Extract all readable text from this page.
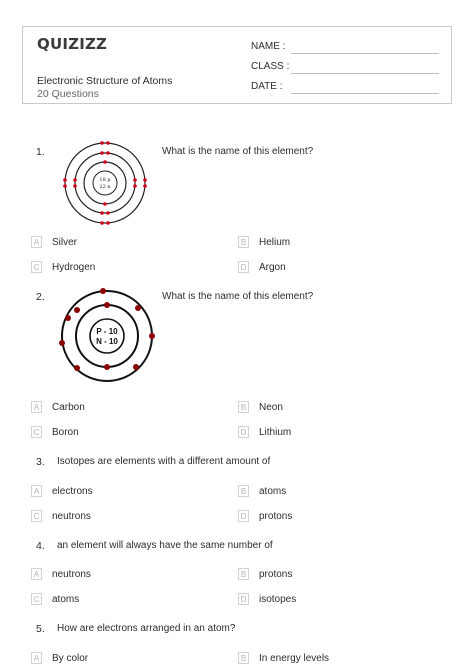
QUIZIZZ
Electronic Structure of Atoms
20 Questions
NAME :
CLASS :
DATE :
1.	What is the name of this element?
18 p
22 n
A Silver	B Helium
C Hydrogen	D Argon
2.	What is the name of this element?
P - 10
N - 10
A Carbon	B Neon
C Boron	D Lithium
3. Isotopes are elements with a different amount of
A electrons	B atoms
C neutrons	D protons
4. an element will always have the same number of
A neutrons	B protons
C atoms	D isotopes
5. How are electrons arranged in an atom?
A By color	B In energy levels
